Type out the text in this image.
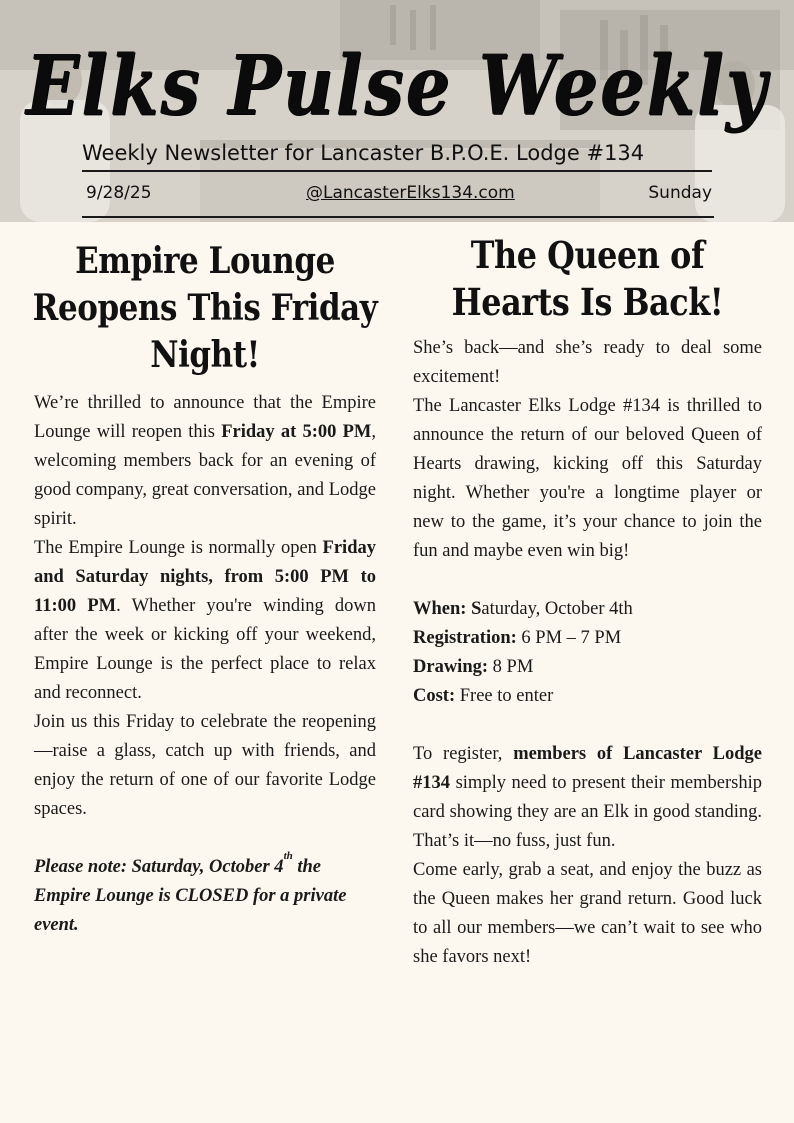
Elks Pulse Weekly
Weekly Newsletter for Lancaster B.P.O.E. Lodge #134
9/28/25	@LancasterElks134.com	Sunday
Empire Lounge Reopens This Friday Night!

We’re thrilled to announce that the Empire Lounge will reopen this Friday at 5:00 PM, welcoming members back for an evening of good company, great conversation, and Lodge spirit.

The Empire Lounge is normally open Friday and Saturday nights, from 5:00 PM to 11:00 PM. Whether you're winding down after the week or kicking off your weekend, Empire Lounge is the perfect place to relax and reconnect.

Join us this Friday to celebrate the reopening—raise a glass, catch up with friends, and enjoy the return of one of our favorite Lodge spaces.

Please note: Saturday, October 4th the Empire Lounge is CLOSED for a private event.

The Queen of Hearts Is Back!

She’s back—and she’s ready to deal some excitement!

The Lancaster Elks Lodge #134 is thrilled to announce the return of our beloved Queen of Hearts drawing, kicking off this Saturday night. Whether you're a longtime player or new to the game, it’s your chance to join the fun and maybe even win big!

When: Saturday, October 4th

Registration: 6 PM – 7 PM

Drawing: 8 PM

Cost: Free to enter

To register, members of Lancaster Lodge #134 simply need to present their membership card showing they are an Elk in good standing. That’s it—no fuss, just fun.

Come early, grab a seat, and enjoy the buzz as the Queen makes her grand return. Good luck to all our members—we can’t wait to see who she favors next!
